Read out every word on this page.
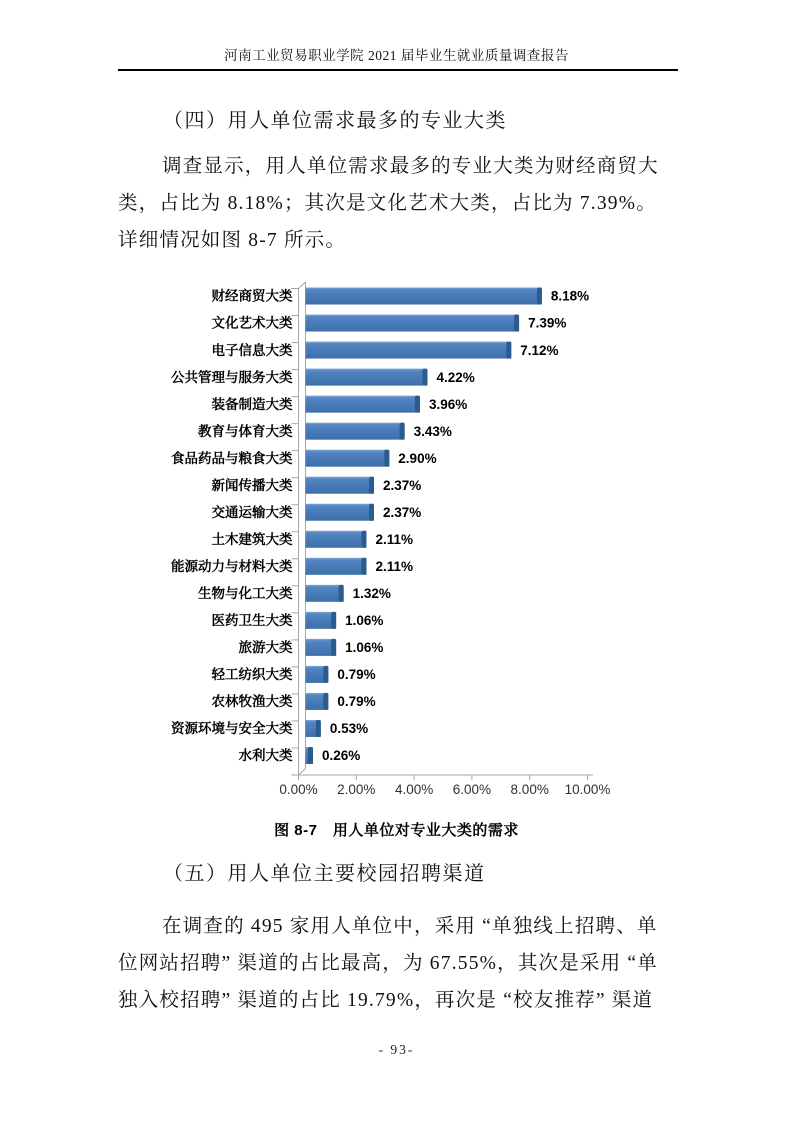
河南工业贸易职业学院 2021 届毕业生就业质量调查报告
（四）用人单位需求最多的专业大类
调查显示，用人单位需求最多的专业大类为财经商贸大
类，占比为 8.18%；其次是文化艺术大类，占比为 7.39%。
详细情况如图 8-7 所示。
0.00% 2.00% 4.00% 6.00% 8.00% 10.00%
财经商贸大类	8.18%
文化艺术大类	7.39%
电子信息大类	7.12%
公共管理与服务大类	4.22%
装备制造大类	3.96%
教育与体育大类	3.43%
食品药品与粮食大类	2.90%
新闻传播大类	2.37%
交通运输大类	2.37%
土木建筑大类	2.11%
能源动力与材料大类	2.11%
生物与化工大类	1.32%
医药卫生大类	1.06%
旅游大类	1.06%
轻工纺织大类	0.79%
农林牧渔大类	0.79%
资源环境与安全大类	0.53%
水利大类 0.26%
图 8-7　用人单位对专业大类的需求
（五）用人单位主要校园招聘渠道
在调查的 495 家用人单位中，采用 “单独线上招聘、单
位网站招聘” 渠道的占比最高，为 67.55%，其次是采用 “单
独入校招聘” 渠道的占比 19.79%，再次是 “校友推荐” 渠道
- 93-
